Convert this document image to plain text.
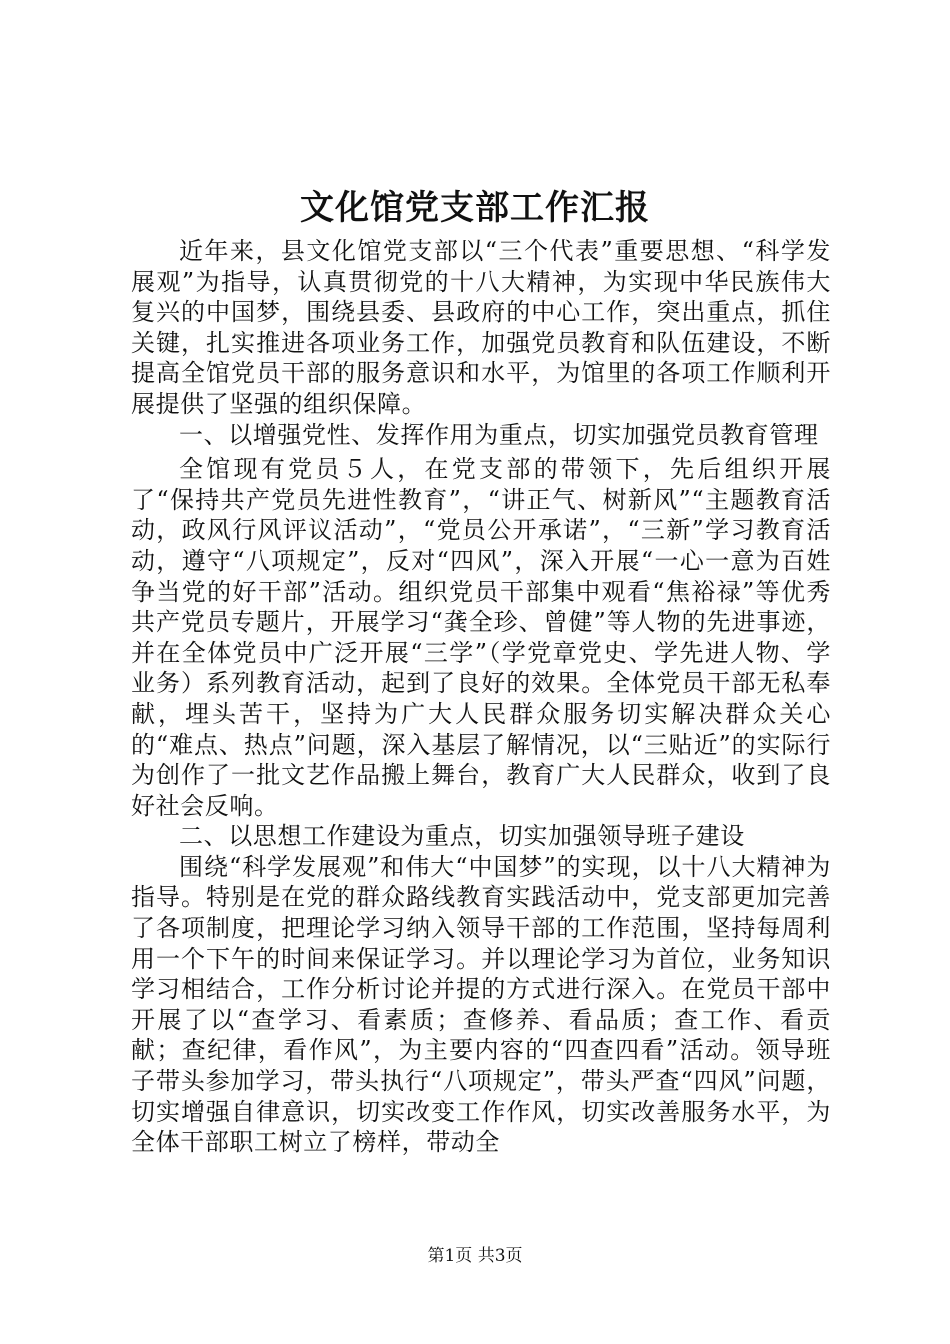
文化馆党支部工作汇报

近年来，县文化馆党支部以“三个代表”重要思想、“科学发展观”为指导，认真贯彻党的十八大精神，为实现中华民族伟大复兴的中国梦，围绕县委、县政府的中心工作，突出重点，抓住关键，扎实推进各项业务工作，加强党员教育和队伍建设，不断提高全馆党员干部的服务意识和水平，为馆里的各项工作顺利开展提供了坚强的组织保障。

一、以增强党性、发挥作用为重点，切实加强党员教育管理

全馆现有党员５人，在党支部的带领下，先后组织开展了“保持共产党员先进性教育”，“讲正气、树新风”“主题教育活动，政风行风评议活动”，“党员公开承诺”，“三新”学习教育活动，遵守“八项规定”，反对“四风”，深入开展“一心一意为百姓争当党的好干部”活动。组织党员干部集中观看“焦裕禄”等优秀共产党员专题片，开展学习“龚全珍、曾健”等人物的先进事迹，并在全体党员中广泛开展“三学”（学党章党史、学先进人物、学业务）系列教育活动，起到了良好的效果。全体党员干部无私奉献，埋头苦干，坚持为广大人民群众服务切实解决群众关心的“难点、热点”问题，深入基层了解情况，以“三贴近”的实际行为创作了一批文艺作品搬上舞台，教育广大人民群众，收到了良好社会反响。

二、以思想工作建设为重点，切实加强领导班子建设

围绕“科学发展观”和伟大“中国梦”的实现，以十八大精神为指导。特别是在党的群众路线教育实践活动中，党支部更加完善了各项制度，把理论学习纳入领导干部的工作范围，坚持每周利用一个下午的时间来保证学习。并以理论学习为首位，业务知识学习相结合，工作分析讨论并提的方式进行深入。在党员干部中开展了以“查学习、看素质；查修养、看品质；查工作、看贡献；查纪律，看作风”，为主要内容的“四查四看”活动。领导班子带头参加学习，带头执行“八项规定”，带头严查“四风”问题，切实增强自律意识，切实改变工作作风，切实改善服务水平，为全体干部职工树立了榜样，带动全

第1页 共3页
